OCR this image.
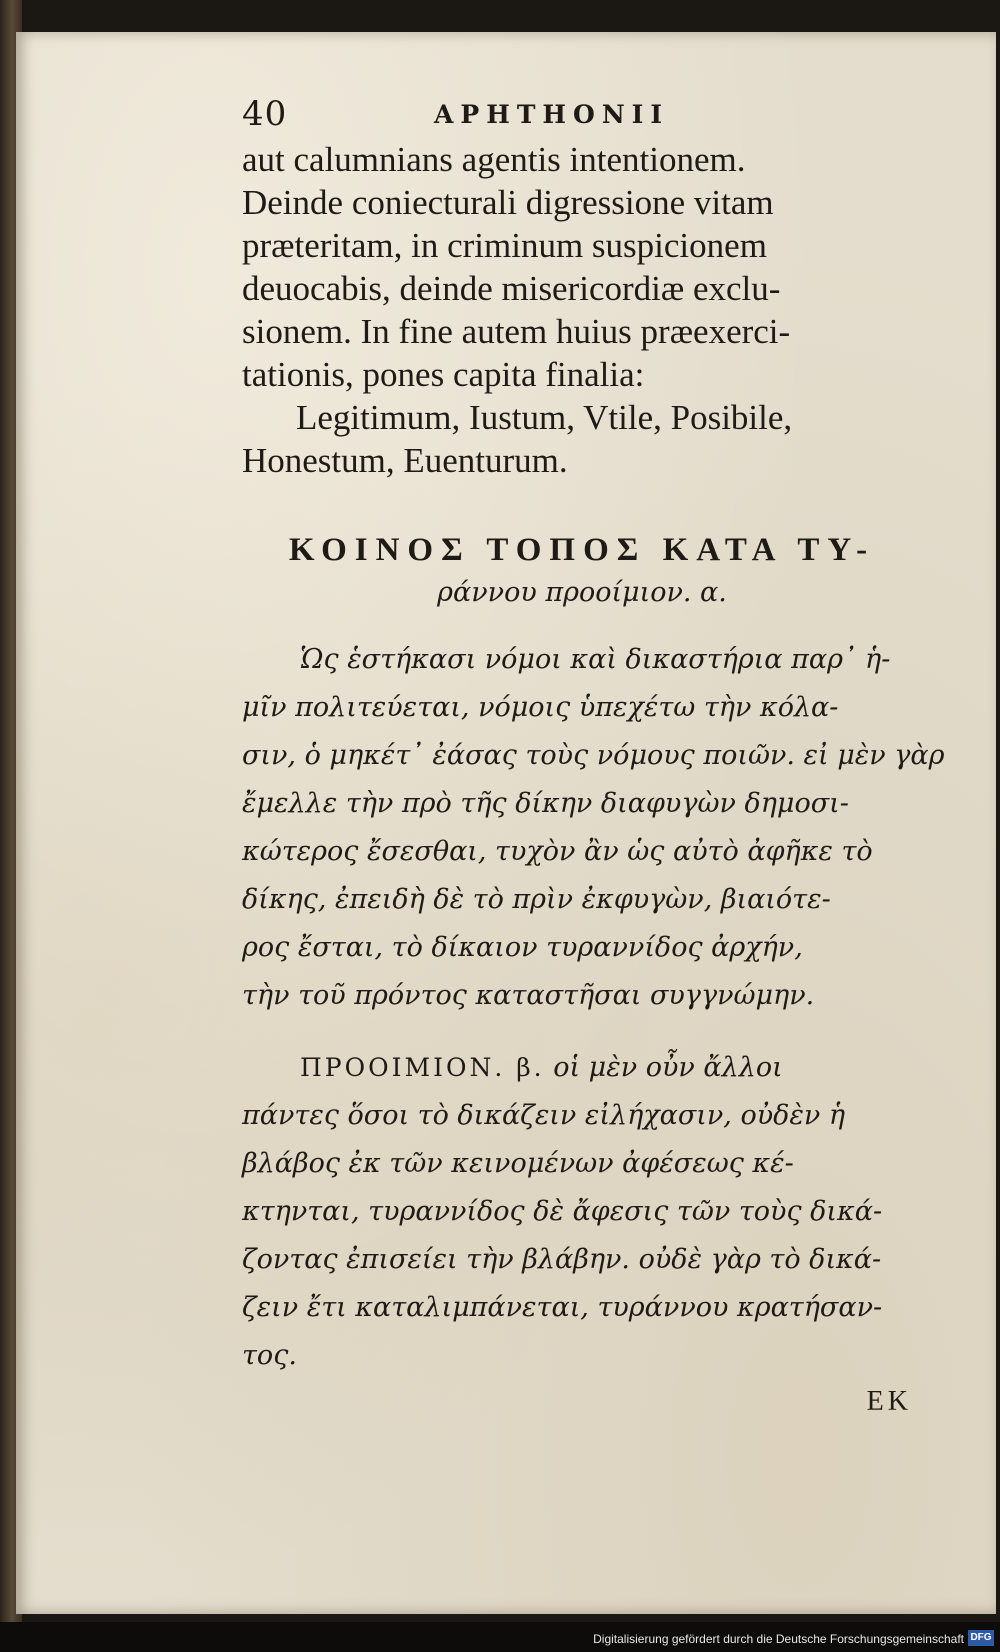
40	APHTHONII

aut calumnians agentis intentionem.
Deinde coniecturali digressione vitam
præteritam, in criminum suspicionem
deuocabis, deinde misericordiæ exclu-
sionem. In fine autem huius præexerci-
tationis, pones capita finalia:
Legitimum, Iustum, Vtile, Posibile,
Honestum, Euenturum.

ΚΟΙΝΟΣ ΤΟΠΟΣ ΚΑΤΑ ΤΥ-
ράννου προοίμιον. α.

Ὡς ἑστήκασι νόμοι καὶ δικαστήρια παρ᾽ ἡ-
μῖν πολιτεύεται, νόμοις ὑπεχέτω τὴν κόλα-
σιν, ὁ μηκέτ᾽ ἐάσας τοὺς νόμους ποιῶν. εἰ μὲν γὰρ
ἔμελλε τὴν πρὸ τῆς δίκην διαφυγὼν δημοσι-
κώτερος ἔσεσθαι, τυχὸν ἂν ὡς αὐτὸ ἀφῆκε τὸ
δίκης, ἐπειδὴ δὲ τὸ πρὶν ἐκφυγὼν, βιαιότε-
ρος ἔσται, τὸ δίκαιον τυραννίδος ἀρχήν,
τὴν τοῦ πρόντος καταστῆσαι συγγνώμην.

ΠΡΟΟΙΜΙΟΝ. β. οἱ μὲν οὖν ἄλλοι
πάντες ὅσοι τὸ δικάζειν εἰλήχασιν, οὐδὲν ἡ
βλάβος ἐκ τῶν κεινομένων ἀφέσεως κέ-
κτηνται, τυραννίδος δὲ ἄφεσις τῶν τοὺς δικά-
ζοντας ἐπισείει τὴν βλάβην. οὐδὲ γὰρ τὸ δικά-
ζειν ἔτι καταλιμπάνεται, τυράννου κρατήσαν-
τος.

ΕΚ
Digitalisierung gefördert durch die Deutsche Forschungsgemeinschaft DFG
